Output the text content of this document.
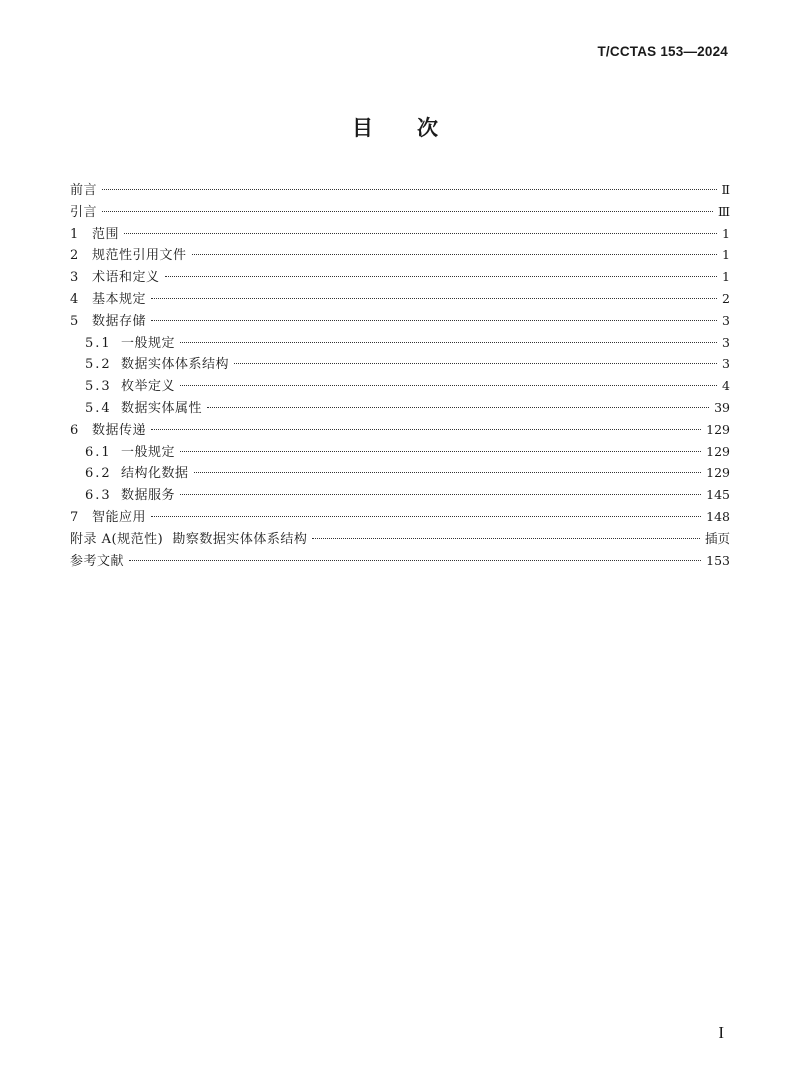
T/CCTAS 153—2024
目次
前言	Ⅱ
引言	Ⅲ
1 范围	1
2 规范性引用文件	1
3 术语和定义	1
4 基本规定	2
5 数据存储	3
5.1 一般规定	3
5.2 数据实体体系结构	3
5.3 枚举定义	4
5.4 数据实体属性	39
6 数据传递	129
6.1 一般规定	129
6.2 结构化数据	129
6.3 数据服务	145
7 智能应用	148
附录 A(规范性)  勘察数据实体体系结构	插页
参考文献	153
I
